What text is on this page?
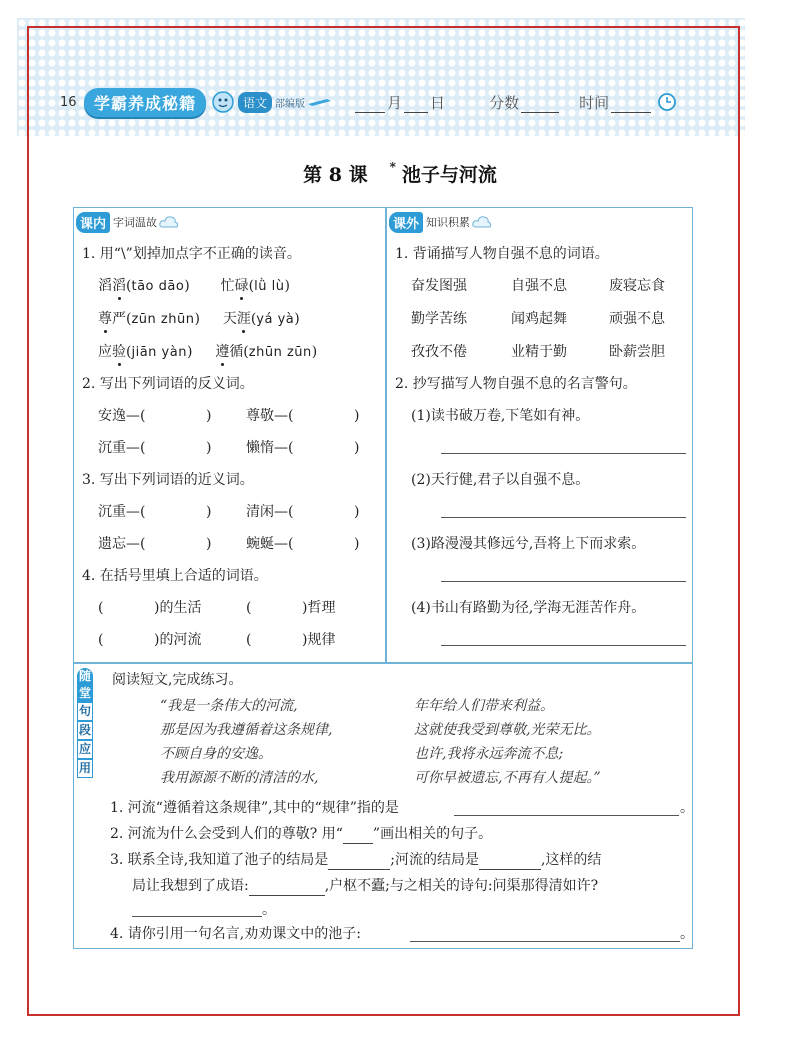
16	学霸养成秘籍	语文 部编版	月 日	分数	时间
第 8 课 * 池子与河流
课内 字词温故
1. 用“\”划掉加点字不正确的读音。
滔滔(tāo dāo) 忙碌(lǜ lù)
尊严(zūn zhūn) 天涯(yá yà)
应验(jiān yàn) 遵循(zhūn zūn)
2. 写出下列词语的反义词。
安逸—(	) 尊敬—(	)
沉重—(	) 懒惰—(	)
3. 写出下列词语的近义词。
沉重—(	) 清闲—(	)
遗忘—(	) 蜿蜒—(	)
4. 在括号里填上合适的词语。
(	)的生活	(	)哲理
(	)的河流	(	)规律
课外 知识积累
1. 背诵描写人物自强不息的词语。
奋发图强	自强不息	废寝忘食
勤学苦练	闻鸡起舞	顽强不息
孜孜不倦	业精于勤	卧薪尝胆
2. 抄写描写人物自强不息的名言警句。
(1)读书破万卷,下笔如有神。
(2)天行健,君子以自强不息。
(3)路漫漫其修远兮,吾将上下而求索。
(4)书山有路勤为径,学海无涯苦作舟。
随
堂
句
段
应
用
阅读短文,完成练习。
“我是一条伟大的河流,
那是因为我遵循着这条规律,
不顾自身的安逸。
我用源源不断的清洁的水,
年年给人们带来利益。
这就使我受到尊敬,光荣无比。
也许,我将永远奔流不息;
可你早被遗忘,不再有人提起。”
1. 河流“遵循着这条规律”,其中的“规律”指的是	。
2. 河流为什么会受到人们的尊敬? 用“ ”画出相关的句子。
3. 联系全诗,我知道了池子的结局是	;河流的结局是	,这样的结
局让我想到了成语:	,户枢不蠹;与之相关的诗句:问渠那得清如许?
。
4. 请你引用一句名言,劝劝课文中的池子:	。
